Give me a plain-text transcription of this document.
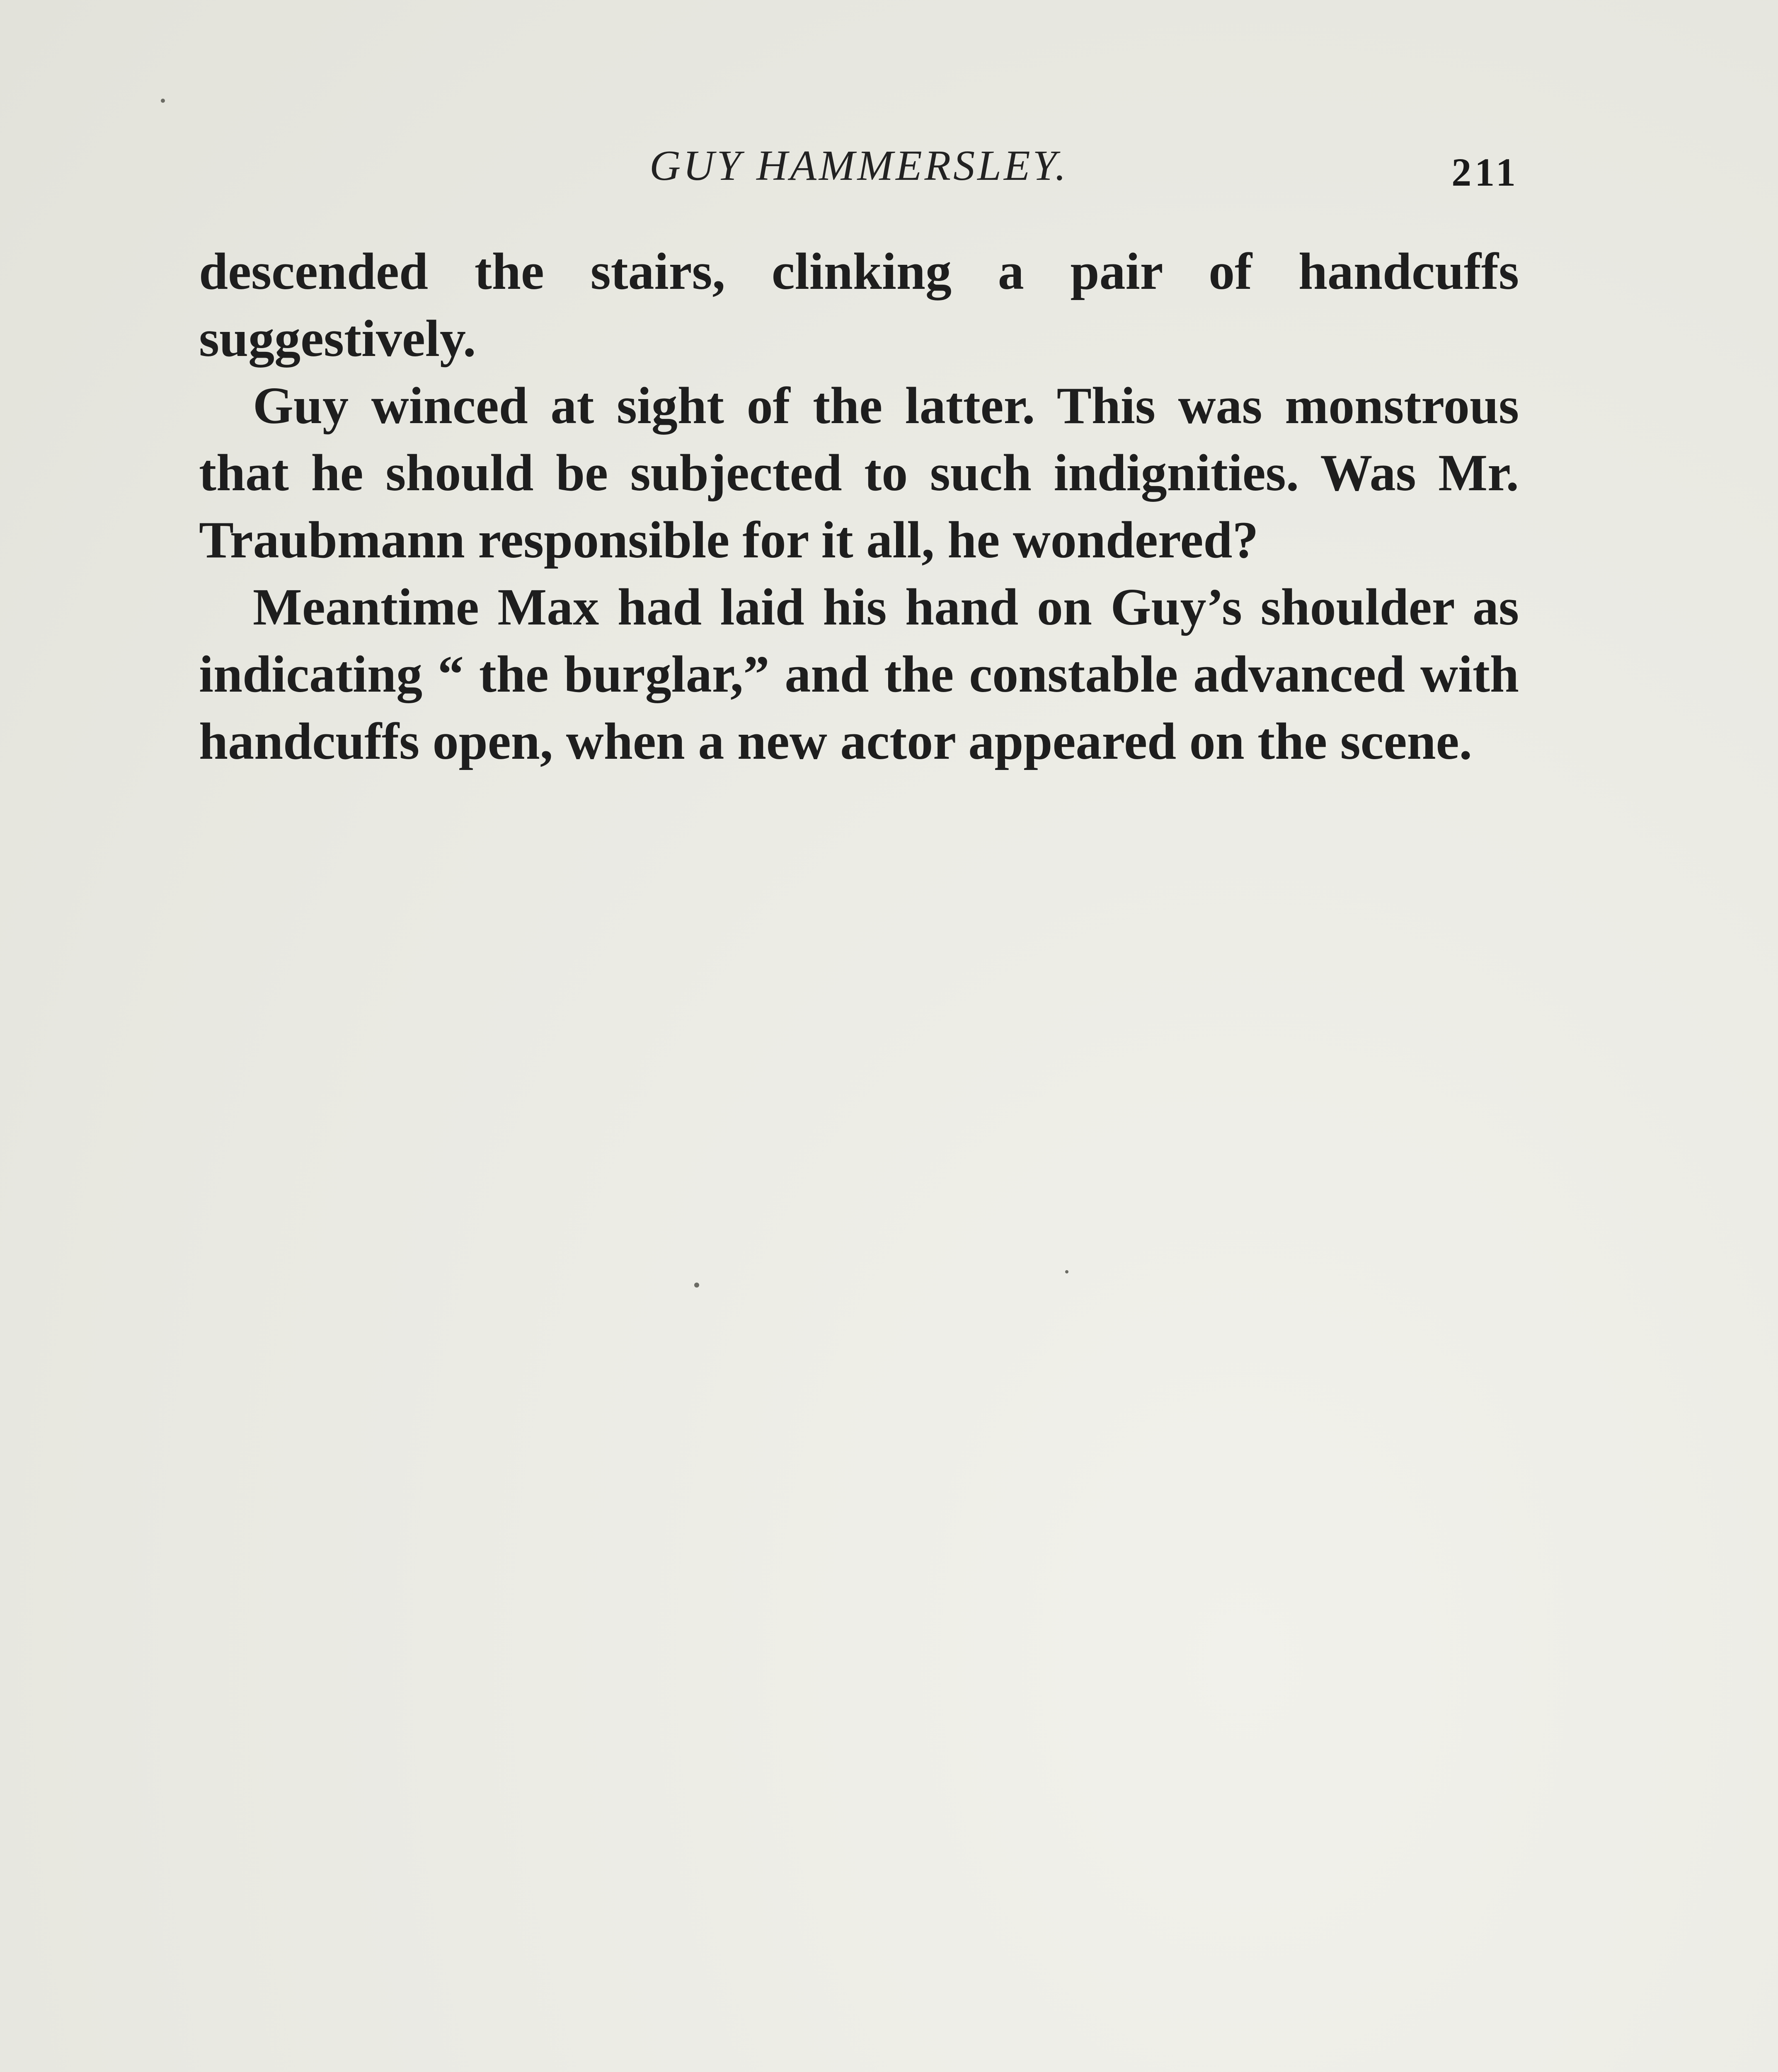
GUY HAMMERSLEY.	211

descended the stairs, clinking a pair of handcuffs suggestively.

Guy winced at sight of the latter. This was monstrous that he should be subjected to such indignities. Was Mr. Traubmann responsible for it all, he wondered?

Meantime Max had laid his hand on Guy’s shoulder as indicating “ the burglar,” and the constable advanced with handcuffs open, when a new actor appeared on the scene.
